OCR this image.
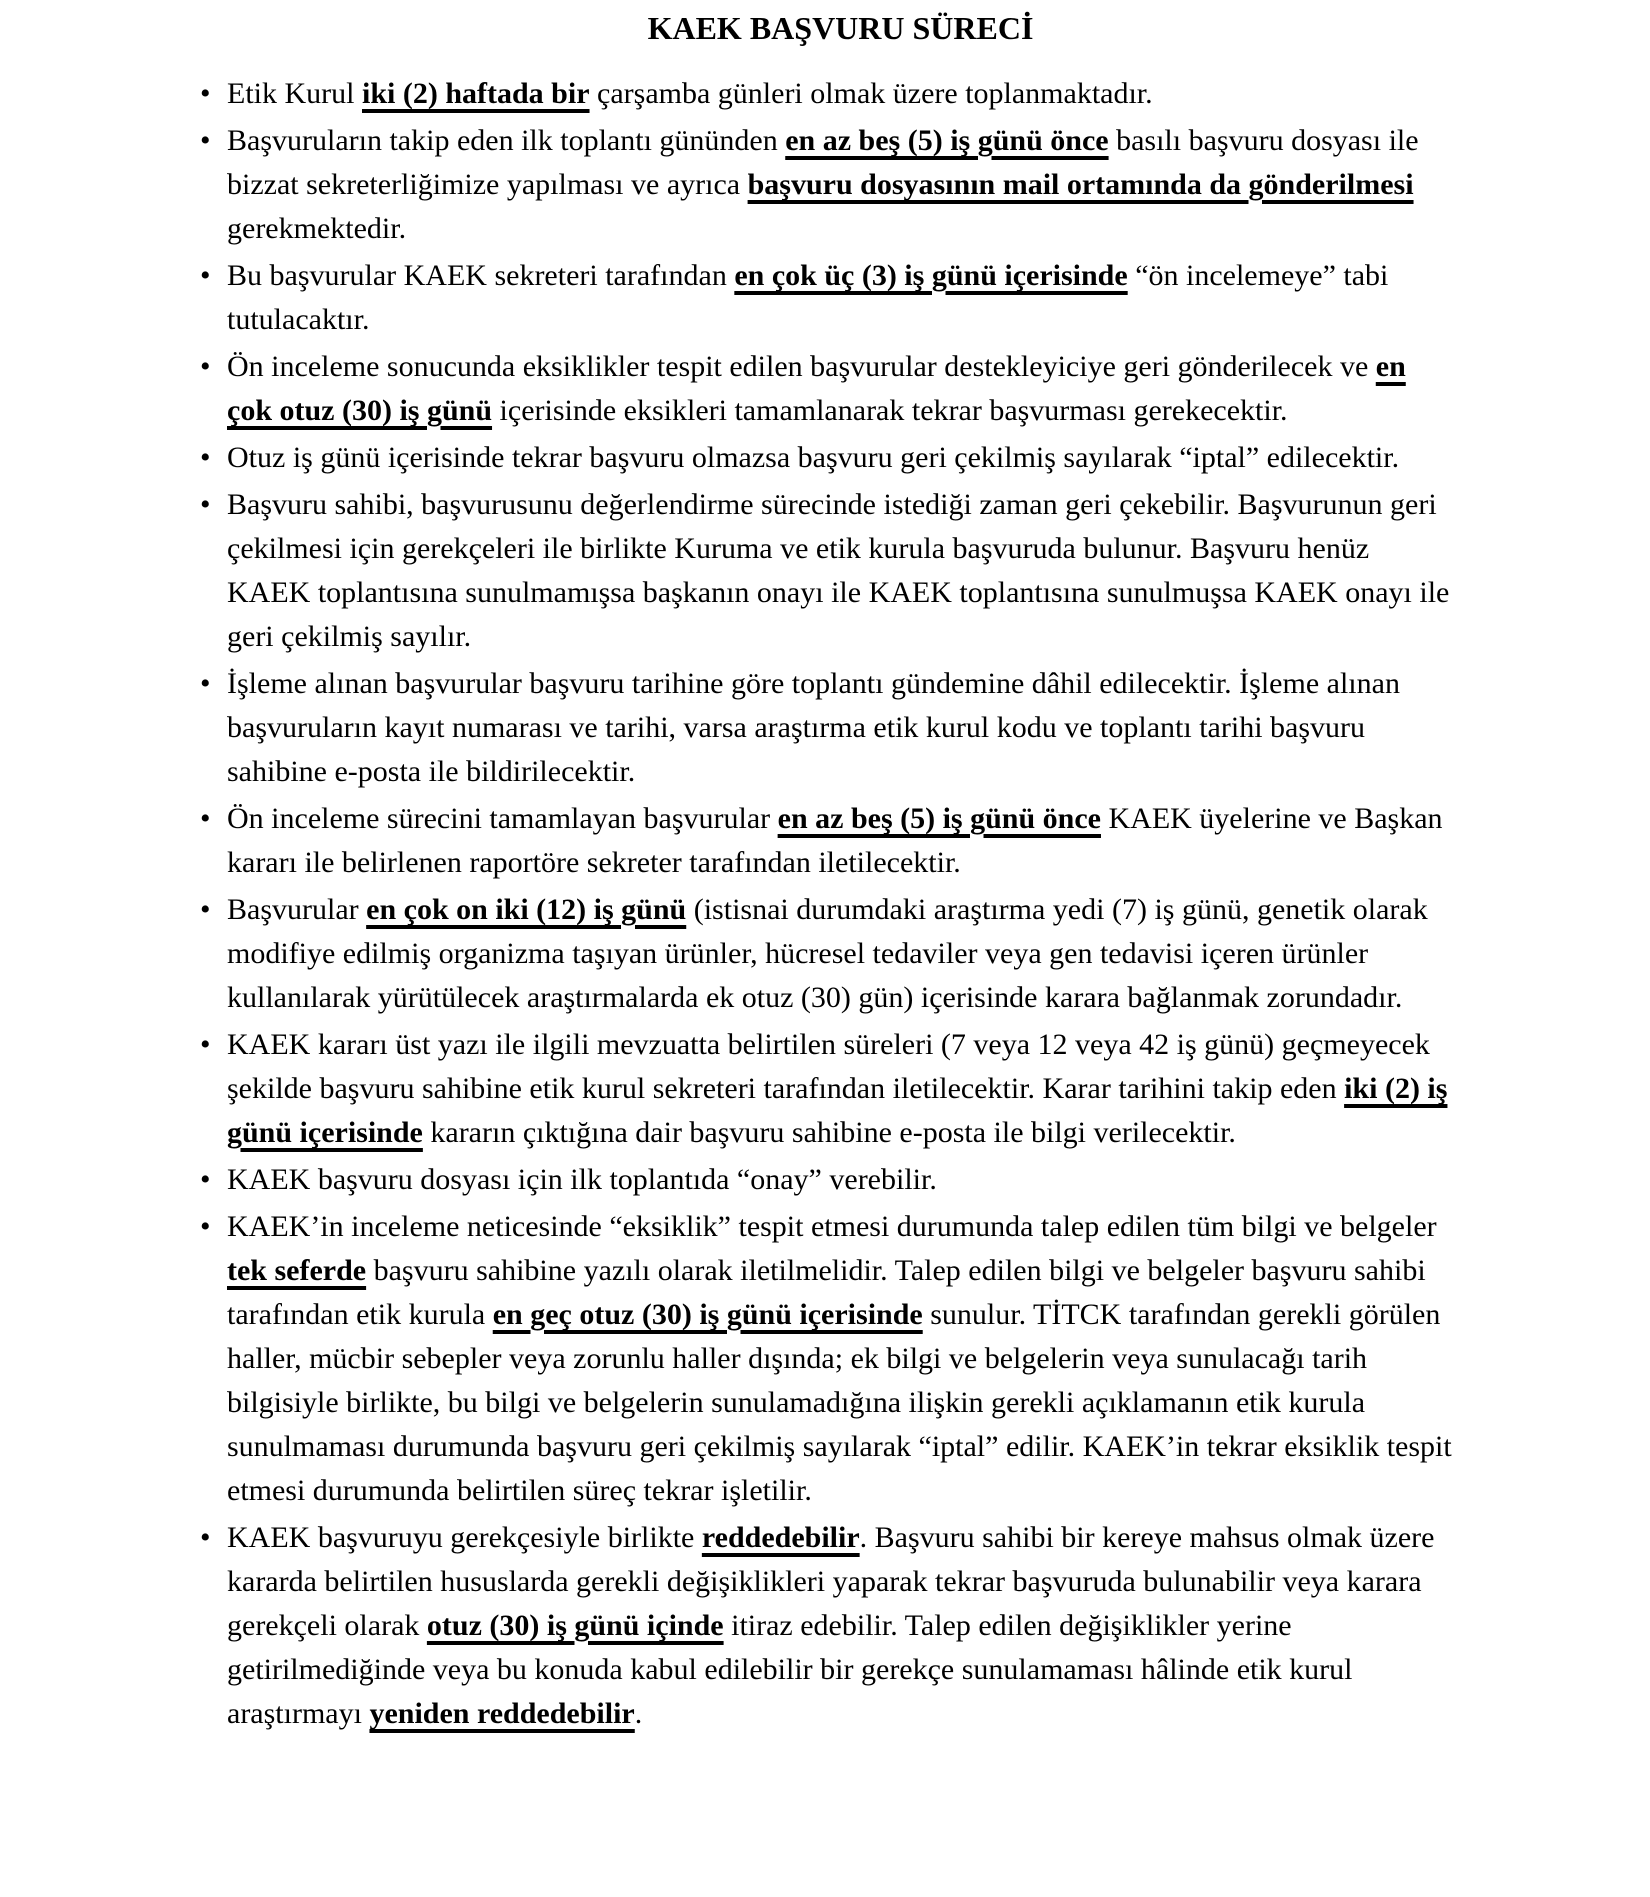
KAEK BAŞVURU SÜRECİ
• Etik Kurul iki (2) haftada bir çarşamba günleri olmak üzere toplanmaktadır.
• Başvuruların takip eden ilk toplantı gününden en az beş (5) iş günü önce basılı başvuru dosyası ile bizzat sekreterliğimize yapılması ve ayrıca başvuru dosyasının mail ortamında da gönderilmesi gerekmektedir.
• Bu başvurular KAEK sekreteri tarafından en çok üç (3) iş günü içerisinde “ön incelemeye” tabi tutulacaktır.
• Ön inceleme sonucunda eksiklikler tespit edilen başvurular destekleyiciye geri gönderilecek ve en çok otuz (30) iş günü içerisinde eksikleri tamamlanarak tekrar başvurması gerekecektir.
• Otuz iş günü içerisinde tekrar başvuru olmazsa başvuru geri çekilmiş sayılarak “iptal” edilecektir.
• Başvuru sahibi, başvurusunu değerlendirme sürecinde istediği zaman geri çekebilir. Başvurunun geri çekilmesi için gerekçeleri ile birlikte Kuruma ve etik kurula başvuruda bulunur. Başvuru henüz KAEK toplantısına sunulmamışsa başkanın onayı ile KAEK toplantısına sunulmuşsa KAEK onayı ile geri çekilmiş sayılır.
• İşleme alınan başvurular başvuru tarihine göre toplantı gündemine dâhil edilecektir. İşleme alınan başvuruların kayıt numarası ve tarihi, varsa araştırma etik kurul kodu ve toplantı tarihi başvuru sahibine e-posta ile bildirilecektir.
• Ön inceleme sürecini tamamlayan başvurular en az beş (5) iş günü önce KAEK üyelerine ve Başkan kararı ile belirlenen raportöre sekreter tarafından iletilecektir.
• Başvurular en çok on iki (12) iş günü (istisnai durumdaki araştırma yedi (7) iş günü, genetik olarak modifiye edilmiş organizma taşıyan ürünler, hücresel tedaviler veya gen tedavisi içeren ürünler kullanılarak yürütülecek araştırmalarda ek otuz (30) gün) içerisinde karara bağlanmak zorundadır.
• KAEK kararı üst yazı ile ilgili mevzuatta belirtilen süreleri (7 veya 12 veya 42 iş günü) geçmeyecek şekilde başvuru sahibine etik kurul sekreteri tarafından iletilecektir. Karar tarihini takip eden iki (2) iş günü içerisinde kararın çıktığına dair başvuru sahibine e-posta ile bilgi verilecektir.
• KAEK başvuru dosyası için ilk toplantıda “onay” verebilir.
• KAEK’in inceleme neticesinde “eksiklik” tespit etmesi durumunda talep edilen tüm bilgi ve belgeler tek seferde başvuru sahibine yazılı olarak iletilmelidir. Talep edilen bilgi ve belgeler başvuru sahibi tarafından etik kurula en geç otuz (30) iş günü içerisinde sunulur. TİTCK tarafından gerekli görülen haller, mücbir sebepler veya zorunlu haller dışında; ek bilgi ve belgelerin veya sunulacağı tarih bilgisiyle birlikte, bu bilgi ve belgelerin sunulamadığına ilişkin gerekli açıklamanın etik kurula sunulmaması durumunda başvuru geri çekilmiş sayılarak “iptal” edilir. KAEK’in tekrar eksiklik tespit etmesi durumunda belirtilen süreç tekrar işletilir.
• KAEK başvuruyu gerekçesiyle birlikte reddedebilir. Başvuru sahibi bir kereye mahsus olmak üzere kararda belirtilen hususlarda gerekli değişiklikleri yaparak tekrar başvuruda bulunabilir veya karara gerekçeli olarak otuz (30) iş günü içinde itiraz edebilir. Talep edilen değişiklikler yerine getirilmediğinde veya bu konuda kabul edilebilir bir gerekçe sunulamaması hâlinde etik kurul araştırmayı yeniden reddedebilir.
